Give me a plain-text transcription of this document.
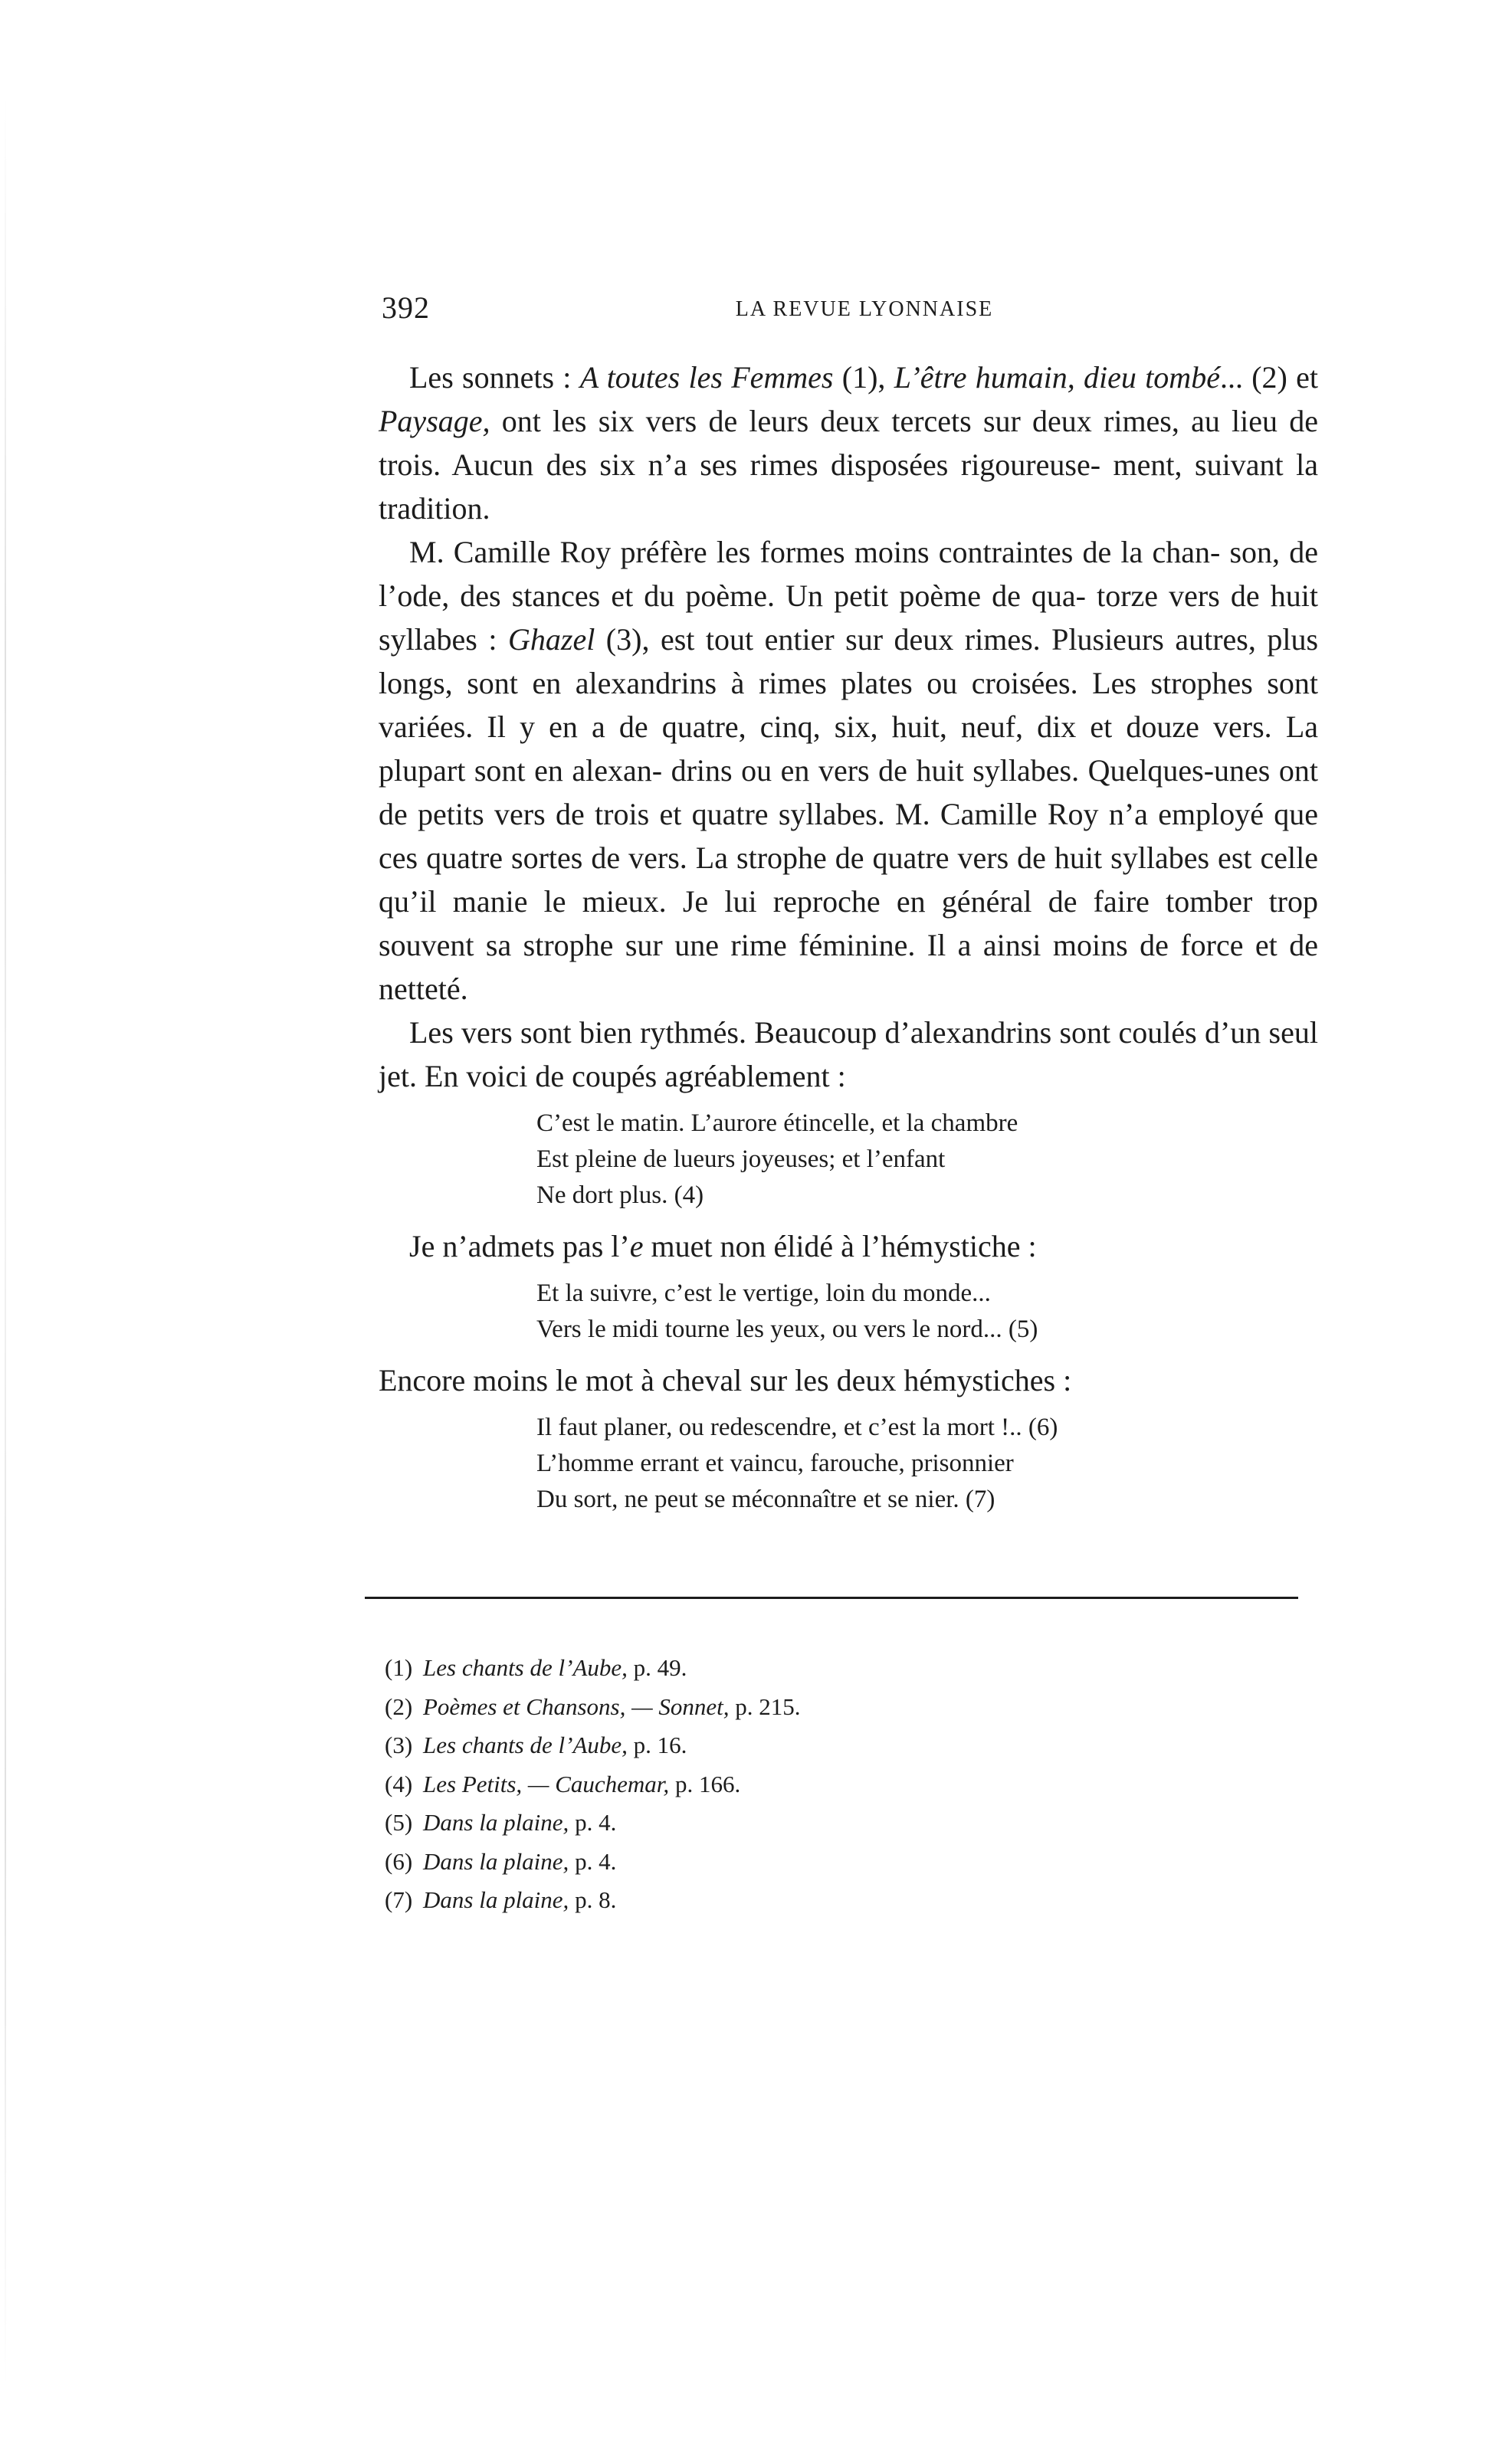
392	LA REVUE LYONNAISE

Les sonnets : A toutes les Femmes (1), L’être humain, dieu tombé... (2) et Paysage, ont les six vers de leurs deux tercets sur deux rimes, au lieu de trois. Aucun des six n’a ses rimes disposées rigoureuse- ment, suivant la tradition.

M. Camille Roy préfère les formes moins contraintes de la chan- son, de l’ode, des stances et du poème. Un petit poème de qua- torze vers de huit syllabes : Ghazel (3), est tout entier sur deux rimes. Plusieurs autres, plus longs, sont en alexandrins à rimes plates ou croisées. Les strophes sont variées. Il y en a de quatre, cinq, six, huit, neuf, dix et douze vers. La plupart sont en alexan- drins ou en vers de huit syllabes. Quelques-unes ont de petits vers de trois et quatre syllabes. M. Camille Roy n’a employé que ces quatre sortes de vers. La strophe de quatre vers de huit syllabes est celle qu’il manie le mieux. Je lui reproche en général de faire tomber trop souvent sa strophe sur une rime féminine. Il a ainsi moins de force et de netteté.

Les vers sont bien rythmés. Beaucoup d’alexandrins sont coulés d’un seul jet. En voici de coupés agréablement :

C’est le matin. L’aurore étincelle, et la chambre
Est pleine de lueurs joyeuses; et l’enfant
Ne dort plus. (4)

Je n’admets pas l’e muet non élidé à l’hémystiche :

Et la suivre, c’est le vertige, loin du monde...
Vers le midi tourne les yeux, ou vers le nord... (5)

Encore moins le mot à cheval sur les deux hémystiches :

Il faut planer, ou redescendre, et c’est la mort !.. (6)
L’homme errant et vaincu, farouche, prisonnier
Du sort, ne peut se méconnaître et se nier. (7)
(1) Les chants de l’Aube, p. 49.
(2) Poèmes et Chansons, — Sonnet, p. 215.
(3) Les chants de l’Aube, p. 16.
(4) Les Petits, — Cauchemar, p. 166.
(5) Dans la plaine, p. 4.
(6) Dans la plaine, p. 4.
(7) Dans la plaine, p. 8.
